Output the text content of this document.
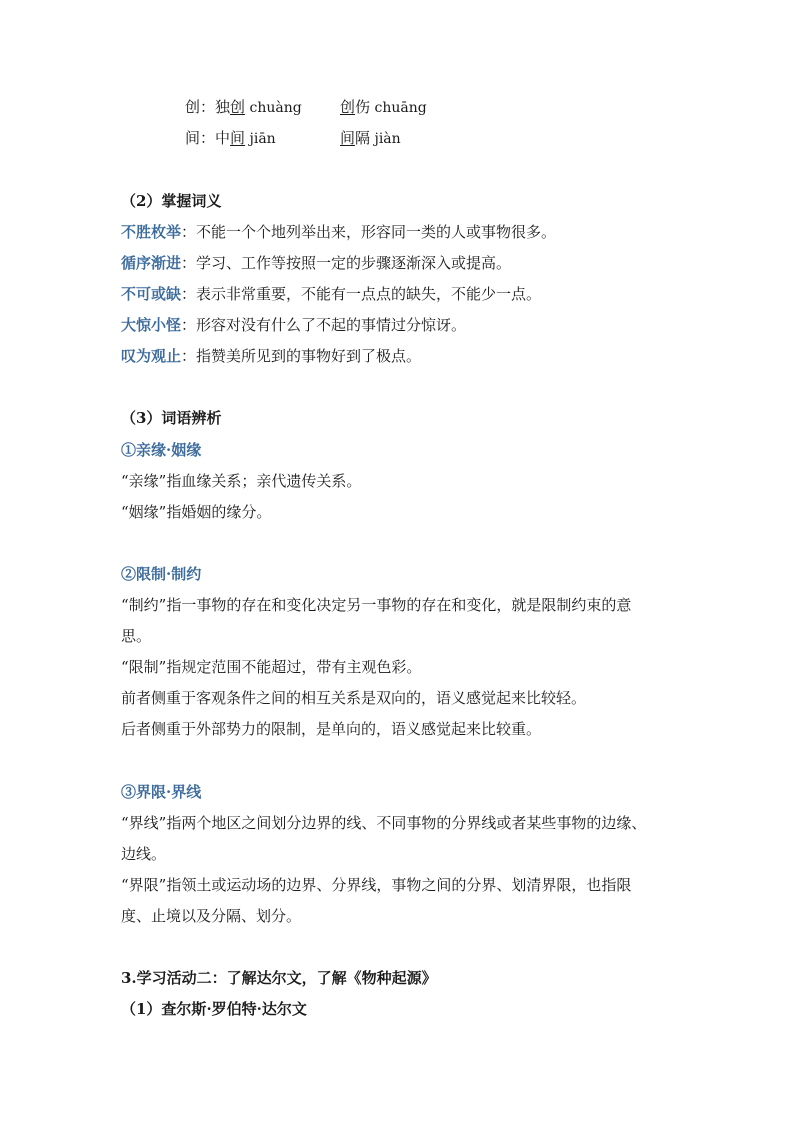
创：独创 chuàng	创伤 chuāng
间：中间 jiān	间隔 jiàn
（2）掌握词义
不胜枚举：不能一个个地列举出来，形容同一类的人或事物很多。
循序渐进：学习、工作等按照一定的步骤逐渐深入或提高。
不可或缺：表示非常重要，不能有一点点的缺失，不能少一点。
大惊小怪：形容对没有什么了不起的事情过分惊讶。
叹为观止：指赞美所见到的事物好到了极点。
（3）词语辨析
①亲缘·姻缘
“亲缘”指血缘关系；亲代遗传关系。
“姻缘”指婚姻的缘分。
②限制·制约
“制约”指一事物的存在和变化决定另一事物的存在和变化，就是限制约束的意
思。
“限制”指规定范围不能超过，带有主观色彩。
前者侧重于客观条件之间的相互关系是双向的，语义感觉起来比较轻。
后者侧重于外部势力的限制，是单向的，语义感觉起来比较重。
③界限·界线
“界线”指两个地区之间划分边界的线、不同事物的分界线或者某些事物的边缘、
边线。
“界限”指领土或运动场的边界、分界线，事物之间的分界、划清界限，也指限
度、止境以及分隔、划分。
3.学习活动二：了解达尔文，了解《物种起源》
（1）查尔斯·罗伯特·达尔文
